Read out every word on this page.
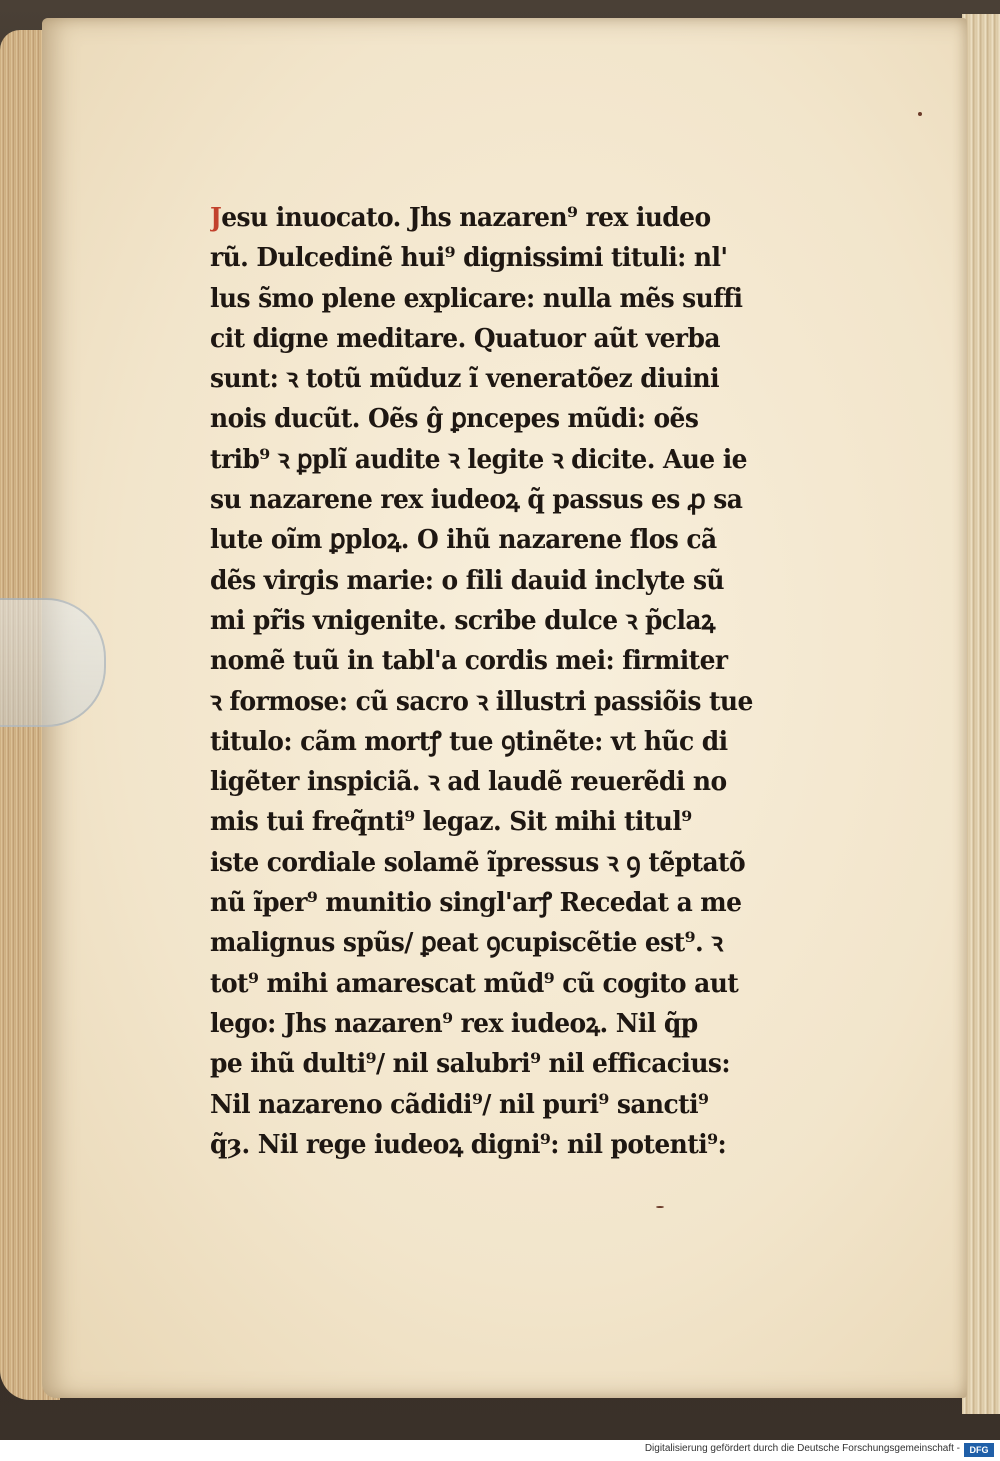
Jesu inuocato. Jhs nazaren⁹ rex iudeo
rũ. Dulcedinẽ hui⁹ dignissimi tituli: nl'
lus s̃mo plene explicare: nulla mẽs suffi
cit digne meditare. Quatuor aũt verba
sunt: ꝛ totũ mũduz ĩ veneratõez diuini
nois ducũt. Oẽs ĝ ꝑncepes mũdi: oẽs
trib⁹ ꝛ ꝑplĩ audite ꝛ legite ꝛ dicite. Aue ie
su nazarene rex iudeoꝝ q̃ passus es ꝓ sa
lute oĩm ꝑploꝝ. O ihũ nazarene flos cã
dẽs virgis marie: o fili dauid inclyte sũ
mi pr̃is vnigenite. scribe dulce ꝛ p̃claꝝ
nomẽ tuũ in tabl'a cordis mei: firmiter
ꝛ formose: cũ sacro ꝛ illustri passiõis tue
titulo: cãm mortꝭ tue ꝯtinẽte: vt hũc di
ligẽter inspiciã. ꝛ ad laudẽ reuerẽdi no
mis tui freq̃nti⁹ legaz. Sit mihi titul⁹
iste cordiale solamẽ ĩpressus ꝛ ꝯ tẽptatõ
nũ ĩper⁹ munitio singl'arꝭ Recedat a me
malignus spũs/ ꝑeat ꝯcupiscẽtie est⁹. ꝛ
tot⁹ mihi amarescat mũd⁹ cũ cogito aut
lego: Jhs nazaren⁹ rex iudeoꝝ. Nil q̃p
pe ihũ dulti⁹/ nil salubri⁹ nil efficacius:
Nil nazareno cãdidi⁹/ nil puri⁹ sancti⁹
q̃ȝ. Nil rege iudeoꝝ digni⁹: nil potenti⁹:
Digitalisierung gefördert durch die Deutsche Forschungsgemeinschaft -	DFG
